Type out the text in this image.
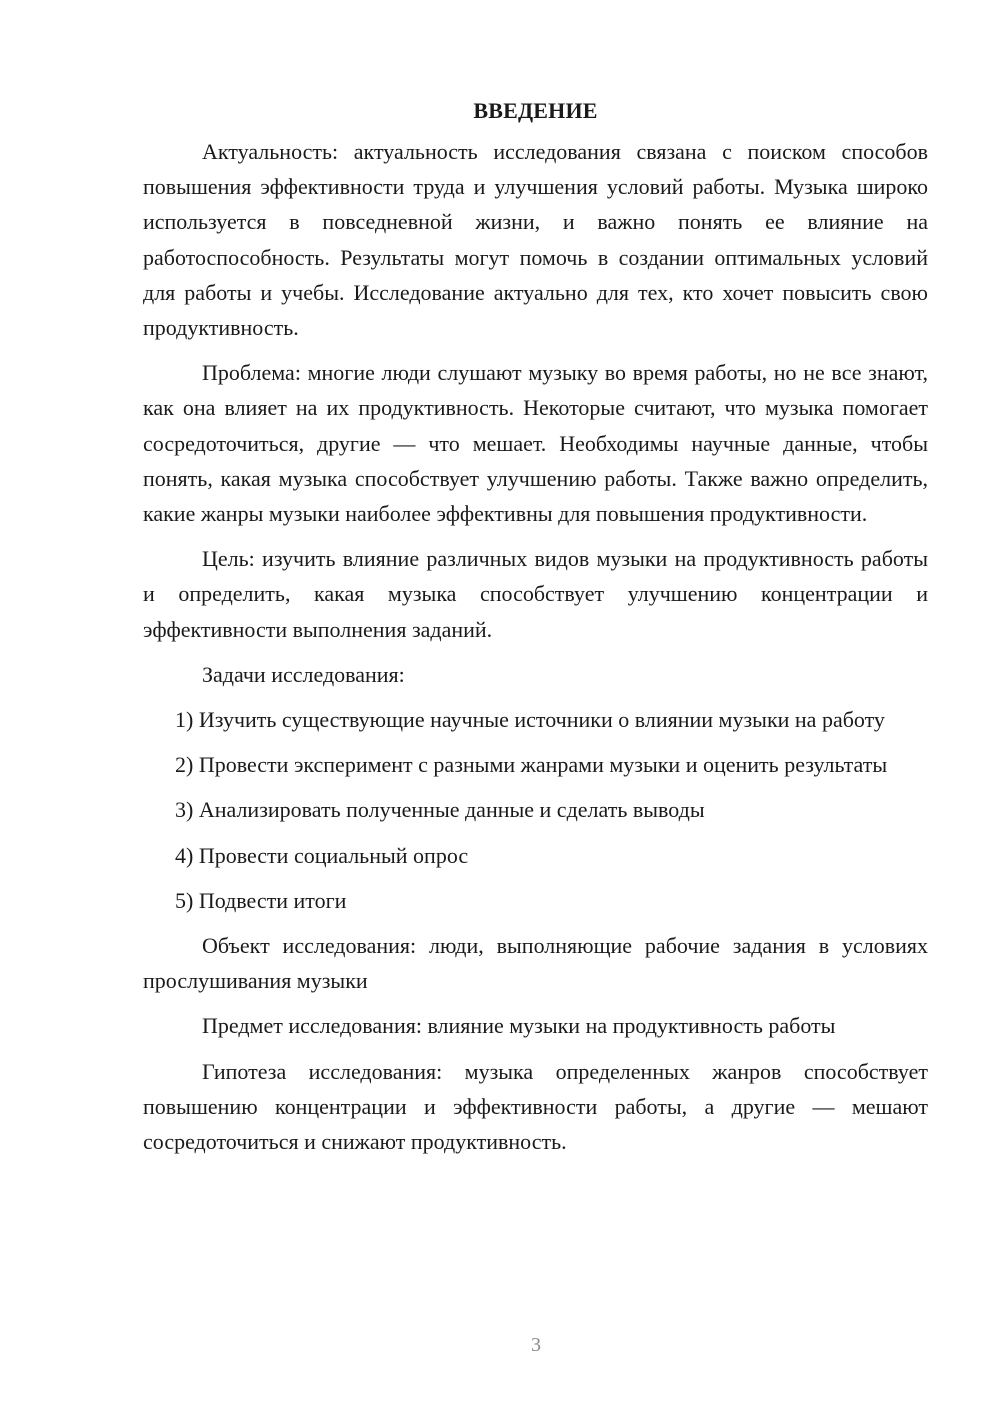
ВВЕДЕНИЕ

Актуальность: актуальность исследования связана с поиском способов повышения эффективности труда и улучшения условий работы. Музыка широко используется в повседневной жизни, и важно понять ее влияние на работоспособность. Результаты могут помочь в создании оптимальных условий для работы и учебы. Исследование актуально для тех, кто хочет повысить свою продуктивность.

Проблема: многие люди слушают музыку во время работы, но не все знают, как она влияет на их продуктивность. Некоторые считают, что музыка помогает сосредоточиться, другие — что мешает. Необходимы научные данные, чтобы понять, какая музыка способствует улучшению работы. Также важно определить, какие жанры музыки наиболее эффективны для повышения продуктивности.

Цель: изучить влияние различных видов музыки на продуктивность работы и определить, какая музыка способствует улучшению концентрации и эффективности выполнения заданий.

Задачи исследования:

1) Изучить существующие научные источники о влиянии музыки на работу

2) Провести эксперимент с разными жанрами музыки и оценить результаты

3) Анализировать полученные данные и сделать выводы

4) Провести социальный опрос

5) Подвести итоги

Объект исследования: люди, выполняющие рабочие задания в условиях прослушивания музыки

Предмет исследования: влияние музыки на продуктивность работы

Гипотеза исследования: музыка определенных жанров способствует повышению концентрации и эффективности работы, а другие — мешают сосредоточиться и снижают продуктивность.

3
